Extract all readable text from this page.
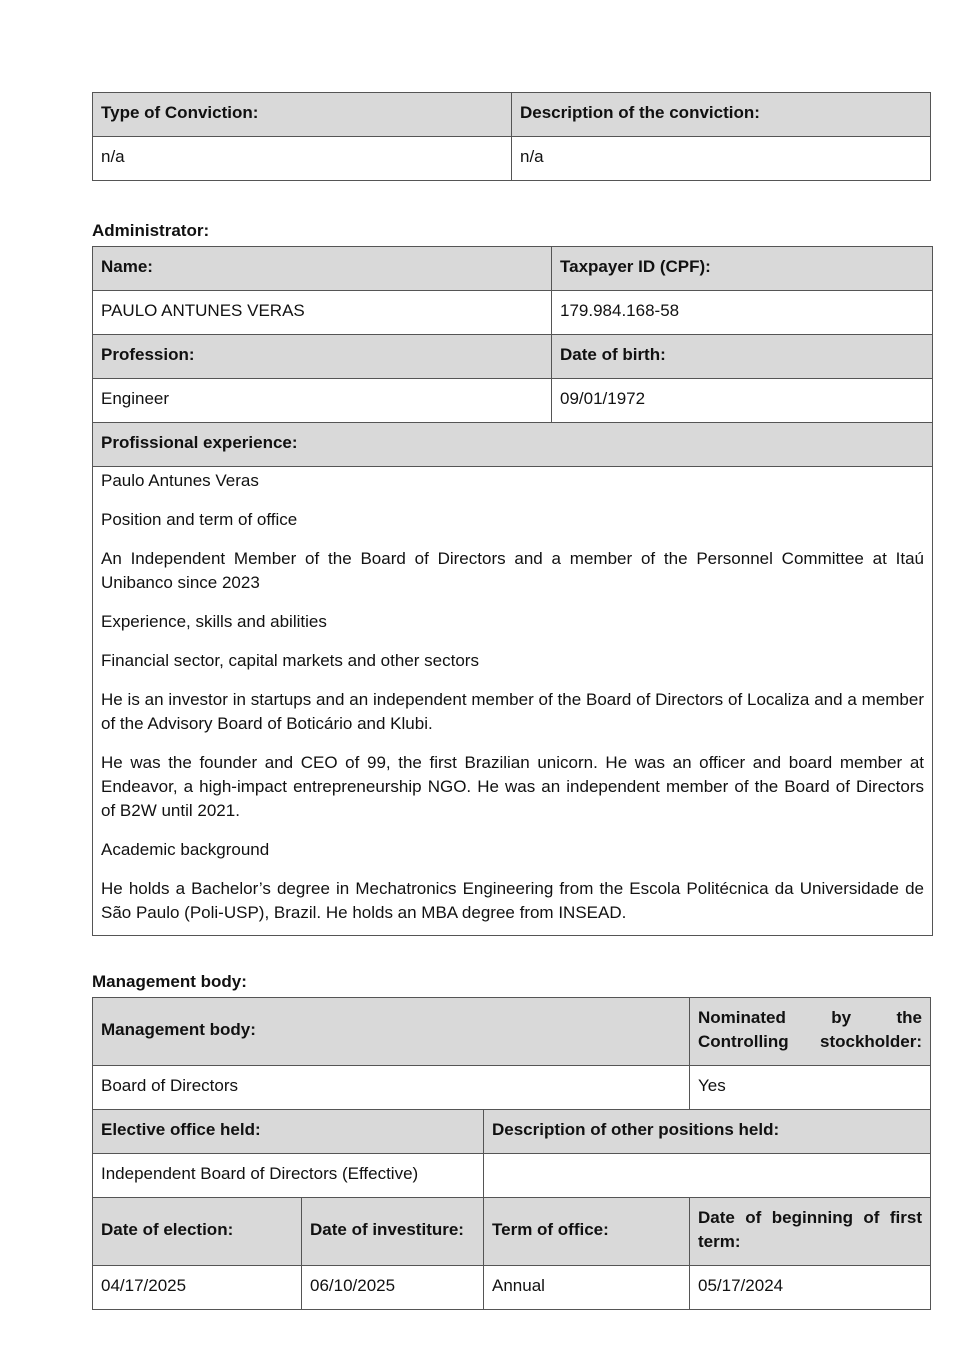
Type of Conviction:	Description of the conviction:
n/a	n/a

Administrator:

Name:	Taxpayer ID (CPF):
PAULO ANTUNES VERAS	179.984.168-58
Profession:	Date of birth:
Engineer	09/01/1972
Profissional experience:	

Paulo Antunes Veras

Position and term of office

An Independent Member of the Board of Directors and a member of the Personnel Committee at Itaú Unibanco since 2023

Experience, skills and abilities

Financial sector, capital markets and other sectors

He is an investor in startups and an independent member of the Board of Directors of Localiza and a member of the Advisory Board of Boticário and Klubi.

He was the founder and CEO of 99, the first Brazilian unicorn. He was an officer and board member at Endeavor, a high-impact entrepreneurship NGO. He was an independent member of the Board of Directors of B2W until 2021.

Academic background

He holds a Bachelor’s degree in Mechatronics Engineering from the Escola Politécnica da Universidade de São Paulo (Poli-USP), Brazil. He holds an MBA degree from INSEAD.

Management body:

Management body:			Nominated by the Controlling stockholder:
Board of Directors			Yes
Elective office held:		Description of other positions held:	
Independent Board of Directors (Effective)			
Date of election:	Date of investiture:	Term of office:	Date of beginning of first term:
04/17/2025	06/10/2025	Annual	05/17/2024
